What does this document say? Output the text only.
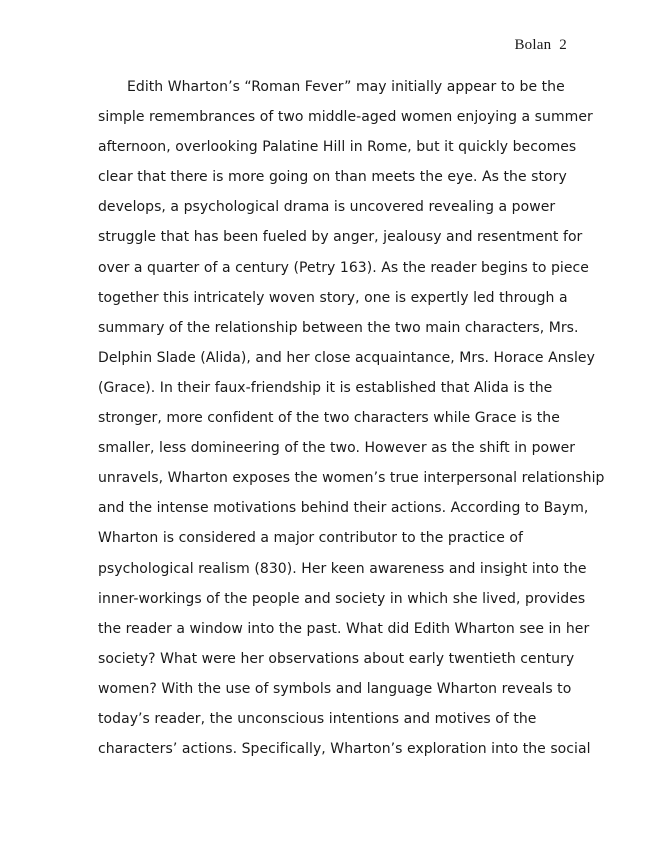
Bolan 2
Edith Wharton’s “Roman Fever” may initially appear to be the
simple remembrances of two middle-aged women enjoying a summer
afternoon, overlooking Palatine Hill in Rome, but it quickly becomes
clear that there is more going on than meets the eye. As the story
develops, a psychological drama is uncovered revealing a power
struggle that has been fueled by anger, jealousy and resentment for
over a quarter of a century (Petry 163). As the reader begins to piece
together this intricately woven story, one is expertly led through a
summary of the relationship between the two main characters, Mrs.
Delphin Slade (Alida), and her close acquaintance, Mrs. Horace Ansley
(Grace). In their faux-friendship it is established that Alida is the
stronger, more confident of the two characters while Grace is the
smaller, less domineering of the two. However as the shift in power
unravels, Wharton exposes the women’s true interpersonal relationship
and the intense motivations behind their actions. According to Baym,
Wharton is considered a major contributor to the practice of
psychological realism (830). Her keen awareness and insight into the
inner-workings of the people and society in which she lived, provides
the reader a window into the past. What did Edith Wharton see in her
society? What were her observations about early twentieth century
women? With the use of symbols and language Wharton reveals to
today’s reader, the unconscious intentions and motives of the
characters’ actions. Specifically, Wharton’s exploration into the social
